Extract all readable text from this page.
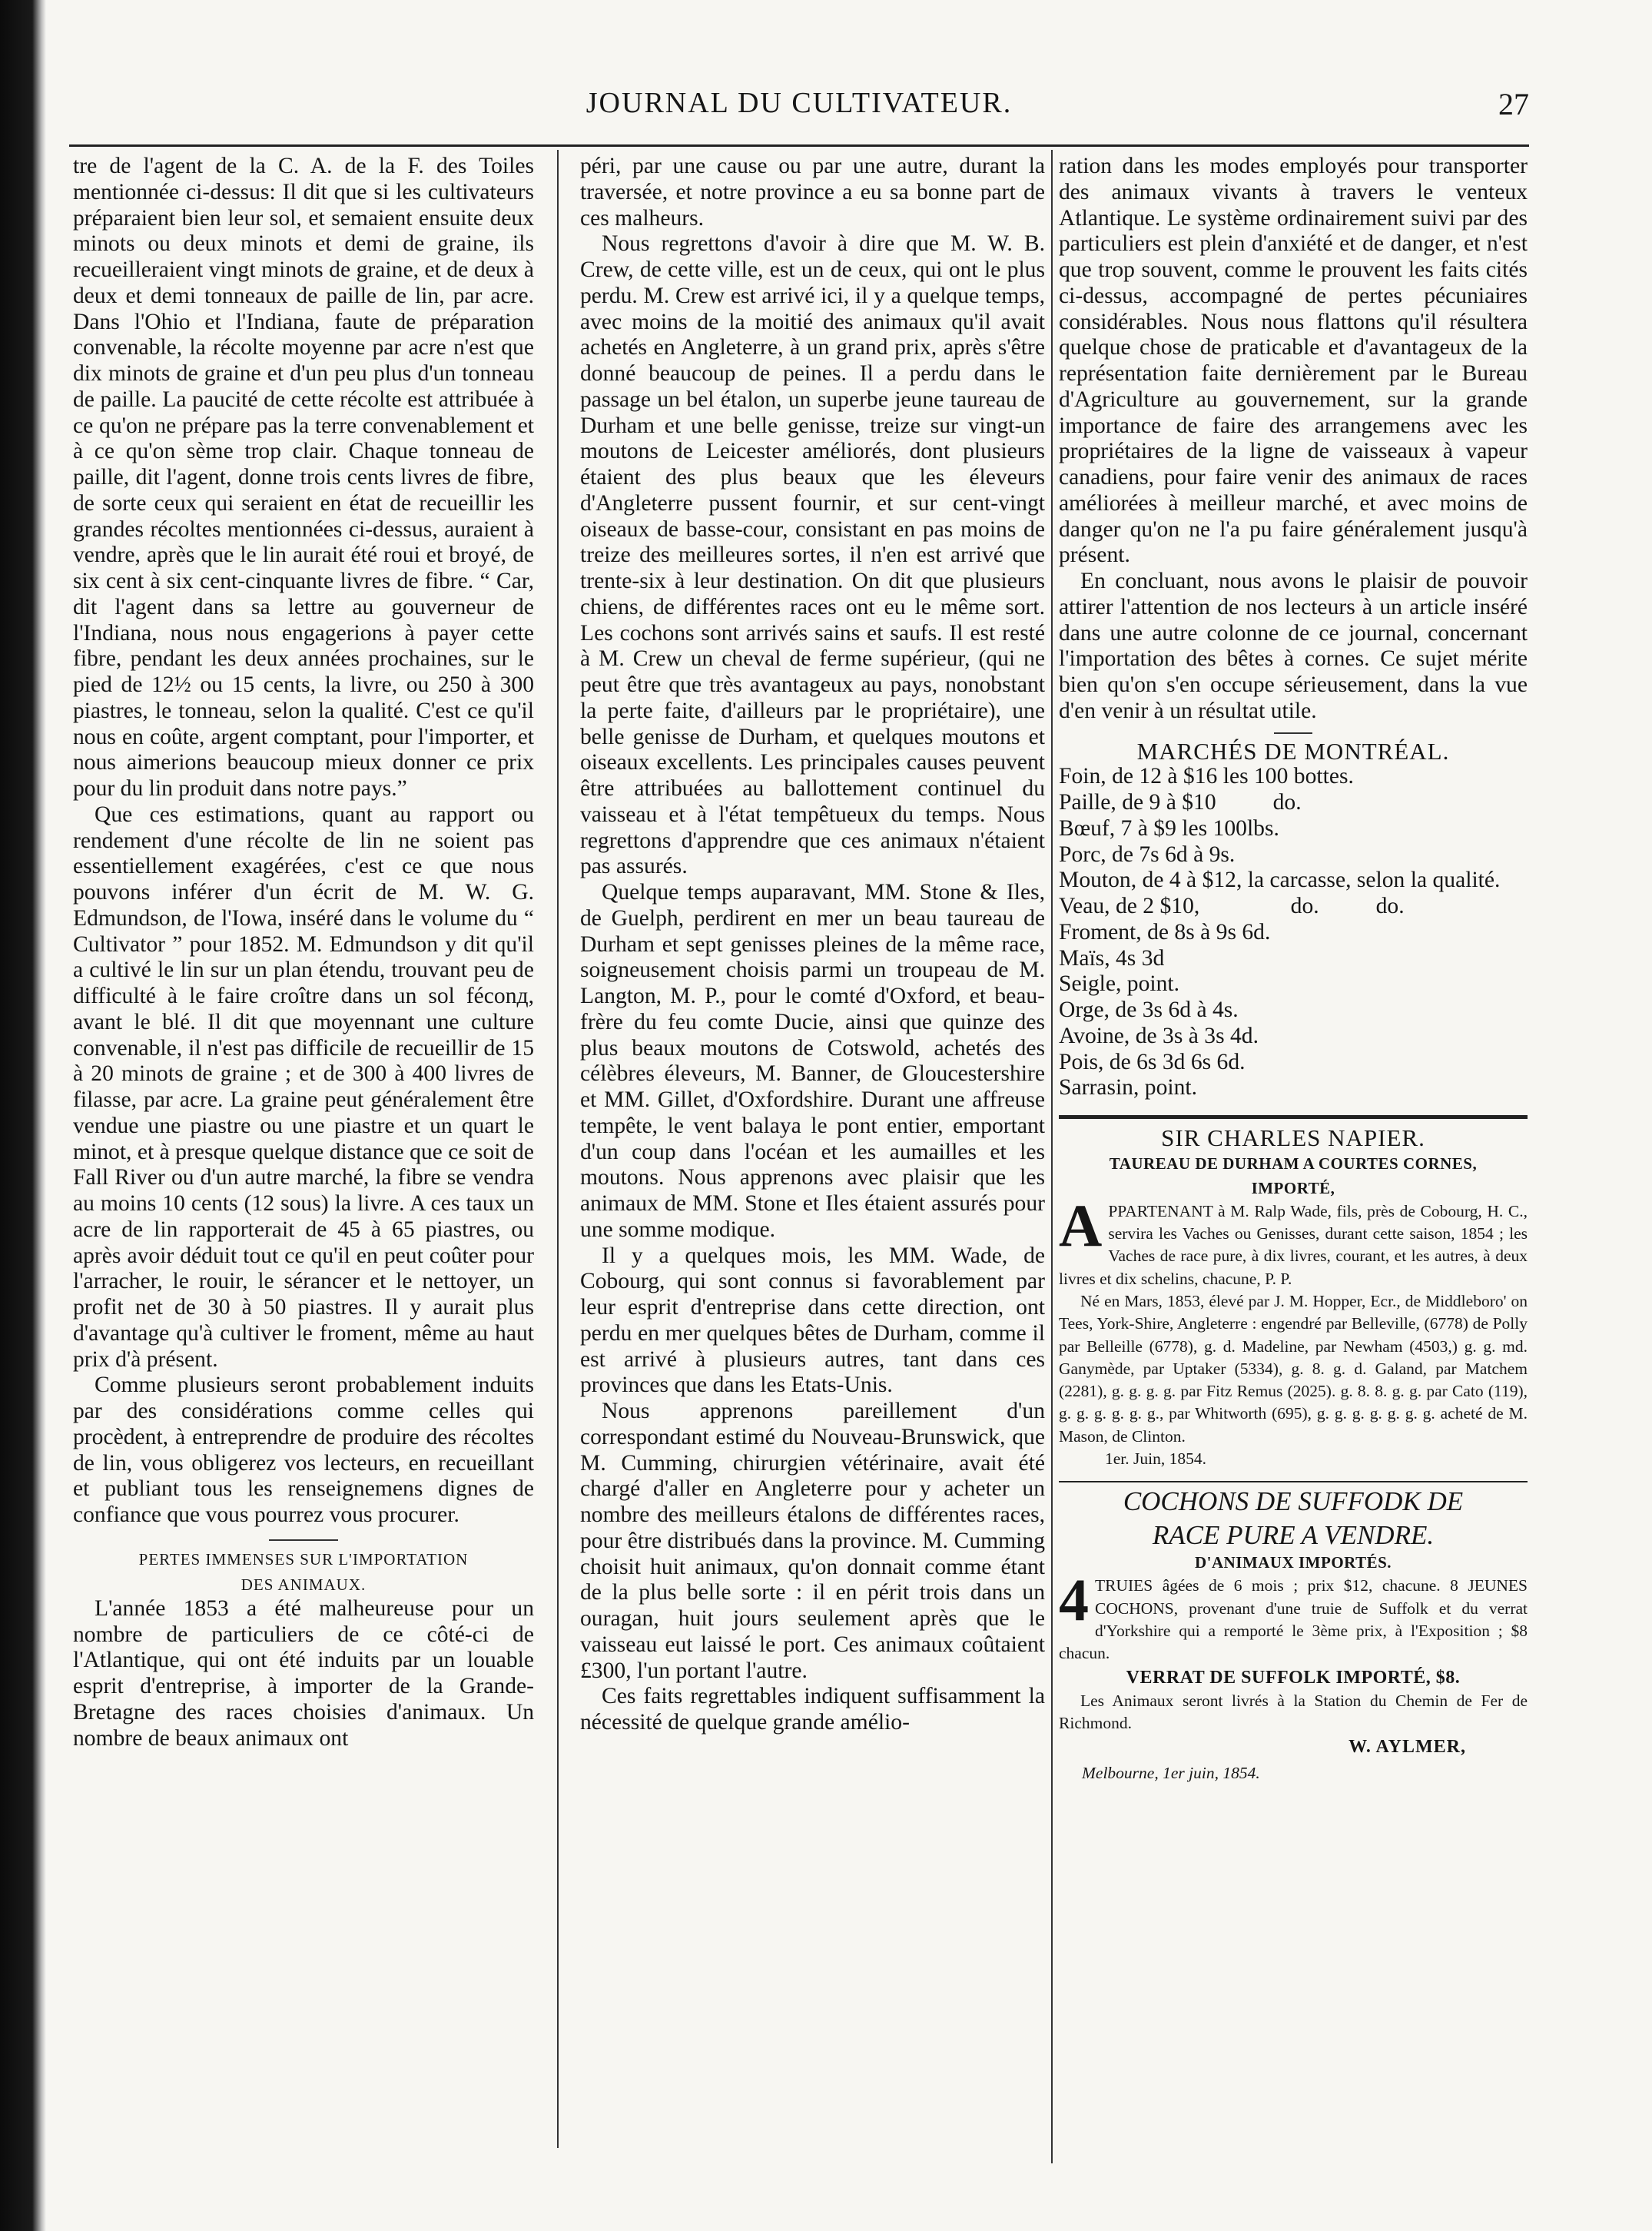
JOURNAL DU CULTIVATEUR.	27

tre de l'agent de la C. A. de la F. des Toiles mentionnée ci-dessus: Il dit que si les cultivateurs préparaient bien leur sol, et semaient ensuite deux minots ou deux minots et demi de graine, ils recueilleraient vingt minots de graine, et de deux à deux et demi tonneaux de paille de lin, par acre. Dans l'Ohio et l'Indiana, faute de préparation convenable, la récolte moyenne par acre n'est que dix minots de graine et d'un peu plus d'un tonneau de paille. La paucité de cette récolte est attribuée à ce qu'on ne prépare pas la terre convenablement et à ce qu'on sème trop clair. Chaque tonneau de paille, dit l'agent, donne trois cents livres de fibre, de sorte ceux qui seraient en état de recueillir les grandes récoltes mentionnées ci-dessus, auraient à vendre, après que le lin aurait été roui et broyé, de six cent à six cent-cinquante livres de fibre. “ Car, dit l'agent dans sa lettre au gouverneur de l'Indiana, nous nous engagerions à payer cette fibre, pendant les deux années prochaines, sur le pied de 12½ ou 15 cents, la livre, ou 250 à 300 piastres, le tonneau, selon la qualité. C'est ce qu'il nous en coûte, argent comptant, pour l'importer, et nous aimerions beaucoup mieux donner ce prix pour du lin produit dans notre pays.”

Que ces estimations, quant au rapport ou rendement d'une récolte de lin ne soient pas essentiellement exagérées, c'est ce que nous pouvons inférer d'un écrit de M. W. G. Edmundson, de l'Iowa, inséré dans le volume du “ Cultivator ” pour 1852. M. Edmundson y dit qu'il a cultivé le lin sur un plan étendu, trouvant peu de difficulté à le faire croître dans un sol féconд, avant le blé. Il dit que moyennant une culture convenable, il n'est pas difficile de recueillir de 15 à 20 minots de graine ; et de 300 à 400 livres de filasse, par acre. La graine peut généralement être vendue une piastre ou une piastre et un quart le minot, et à presque quelque distance que ce soit de Fall River ou d'un autre marché, la fibre se vendra au moins 10 cents (12 sous) la livre. A ces taux un acre de lin rapporterait de 45 à 65 piastres, ou après avoir déduit tout ce qu'il en peut coûter pour l'arracher, le rouir, le sérancer et le nettoyer, un profit net de 30 à 50 piastres. Il y aurait plus d'avantage qu'à cultiver le froment, même au haut prix d'à présent.

Comme plusieurs seront probablement induits par des considérations comme celles qui procèdent, à entreprendre de produire des récoltes de lin, vous obligerez vos lecteurs, en recueillant et publiant tous les renseignemens dignes de confiance que vous pourrez vous procurer.

PERTES IMMENSES SUR L'IMPORTATION
DES ANIMAUX.

L'année 1853 a été malheureuse pour un nombre de particuliers de ce côté-ci de l'Atlantique, qui ont été induits par un louable esprit d'entreprise, à importer de la Grande-Bretagne des races choisies d'animaux. Un nombre de beaux animaux ont

péri, par une cause ou par une autre, durant la traversée, et notre province a eu sa bonne part de ces malheurs.

Nous regrettons d'avoir à dire que M. W. B. Crew, de cette ville, est un de ceux, qui ont le plus perdu. M. Crew est arrivé ici, il y a quelque temps, avec moins de la moitié des animaux qu'il avait achetés en Angleterre, à un grand prix, après s'être donné beaucoup de peines. Il a perdu dans le passage un bel étalon, un superbe jeune taureau de Durham et une belle genisse, treize sur vingt-un moutons de Leicester améliorés, dont plusieurs étaient des plus beaux que les éleveurs d'Angleterre pussent fournir, et sur cent-vingt oiseaux de basse-cour, consistant en pas moins de treize des meilleures sortes, il n'en est arrivé que trente-six à leur destination. On dit que plusieurs chiens, de différentes races ont eu le même sort. Les cochons sont arrivés sains et saufs. Il est resté à M. Crew un cheval de ferme supérieur, (qui ne peut être que très avantageux au pays, nonobstant la perte faite, d'ailleurs par le propriétaire), une belle genisse de Durham, et quelques moutons et oiseaux excellents. Les principales causes peuvent être attribuées au ballottement continuel du vaisseau et à l'état tempêtueux du temps. Nous regrettons d'apprendre que ces animaux n'étaient pas assurés.

Quelque temps auparavant, MM. Stone & Iles, de Guelph, perdirent en mer un beau taureau de Durham et sept genisses pleines de la même race, soigneusement choisis parmi un troupeau de M. Langton, M. P., pour le comté d'Oxford, et beau-frère du feu comte Ducie, ainsi que quinze des plus beaux moutons de Cotswold, achetés des célèbres éleveurs, M. Banner, de Gloucestershire et MM. Gillet, d'Oxfordshire. Durant une affreuse tempête, le vent balaya le pont entier, emportant d'un coup dans l'océan et les aumailles et les moutons. Nous apprenons avec plaisir que les animaux de MM. Stone et Iles étaient assurés pour une somme modique.

Il y a quelques mois, les MM. Wade, de Cobourg, qui sont connus si favorablement par leur esprit d'entreprise dans cette direction, ont perdu en mer quelques bêtes de Durham, comme il est arrivé à plusieurs autres, tant dans ces provinces que dans les Etats-Unis.

Nous apprenons pareillement d'un correspondant estimé du Nouveau-Brunswick, que M. Cumming, chirurgien vétérinaire, avait été chargé d'aller en Angleterre pour y acheter un nombre des meilleurs étalons de différentes races, pour être distribués dans la province. M. Cumming choisit huit animaux, qu'on donnait comme étant de la plus belle sorte : il en périt trois dans un ouragan, huit jours seulement après que le vaisseau eut laissé le port. Ces animaux coûtaient £300, l'un portant l'autre.

Ces faits regrettables indiquent suffisamment la nécessité de quelque grande amélio-

ration dans les modes employés pour transporter des animaux vivants à travers le venteux Atlantique. Le système ordinairement suivi par des particuliers est plein d'anxiété et de danger, et n'est que trop souvent, comme le prouvent les faits cités ci-dessus, accompagné de pertes pécuniaires considérables. Nous nous flattons qu'il résultera quelque chose de praticable et d'avantageux de la représentation faite dernièrement par le Bureau d'Agriculture au gouvernement, sur la grande importance de faire des arrangemens avec les propriétaires de la ligne de vaisseaux à vapeur canadiens, pour faire venir des animaux de races améliorées à meilleur marché, et avec moins de danger qu'on ne l'a pu faire généralement jusqu'à présent.

En concluant, nous avons le plaisir de pouvoir attirer l'attention de nos lecteurs à un article inséré dans une autre colonne de ce journal, concernant l'importation des bêtes à cornes. Ce sujet mérite bien qu'on s'en occupe sérieusement, dans la vue d'en venir à un résultat utile.

MARCHÉS DE MONTRÉAL.
Foin, de 12 à $16 les 100 bottes.
Paille, de 9 à $10          do.
Bœuf, 7 à $9 les 100lbs.
Porc, de 7s 6d à 9s.
Mouton, de 4 à $12, la carcasse, selon la qualité.
Veau, de 2 $10,                do.          do.
Froment, de 8s à 9s 6d.
Maïs, 4s 3d
Seigle, point.
Orge, de 3s 6d à 4s.
Avoine, de 3s à 3s 4d.
Pois, de 6s 3d 6s 6d.
Sarrasin, point.
SIR CHARLES NAPIER.
TAUREAU DE DURHAM A COURTES CORNES,
IMPORTÉ,
A PPARTENANT à M. Ralp Wade, fils, près de Cobourg, H. C., servira les Vaches ou Genisses, durant cette saison, 1854 ; les Vaches de race pure, à dix livres, courant, et les autres, à deux livres et dix schelins, chacune, P. P.

Né en Mars, 1853, élevé par J. M. Hopper, Ecr., de Middleboro' on Tees, York-Shire, Angleterre : engendré par Belleville, (6778) de Polly par Belleille (6778), g. d. Madeline, par Newham (4503,) g. g. md. Ganymède, par Uptaker (5334), g. 8. g. d. Galand, par Matchem (2281), g. g. g. g. par Fitz Remus (2025). g. 8. 8. g. g. par Cato (119), g. g. g. g. g. g., par Whitworth (695), g. g. g. g. g. g. g. acheté de M. Mason, de Clinton.

1er. Juin, 1854.

COCHONS DE SUFFODK DE
RACE PURE A VENDRE.
D'ANIMAUX IMPORTÉS.
4 TRUIES âgées de 6 mois ; prix $12, chacune. 8 JEUNES COCHONS, provenant d'une truie de Suffolk et du verrat d'Yorkshire qui a remporté le 3ème prix, à l'Exposition ; $8 chacun.
VERRAT DE SUFFOLK IMPORTÉ, $8.

Les Animaux seront livrés à la Station du Chemin de Fer de Richmond.

W. AYLMER,
Melbourne, 1er juin, 1854.
